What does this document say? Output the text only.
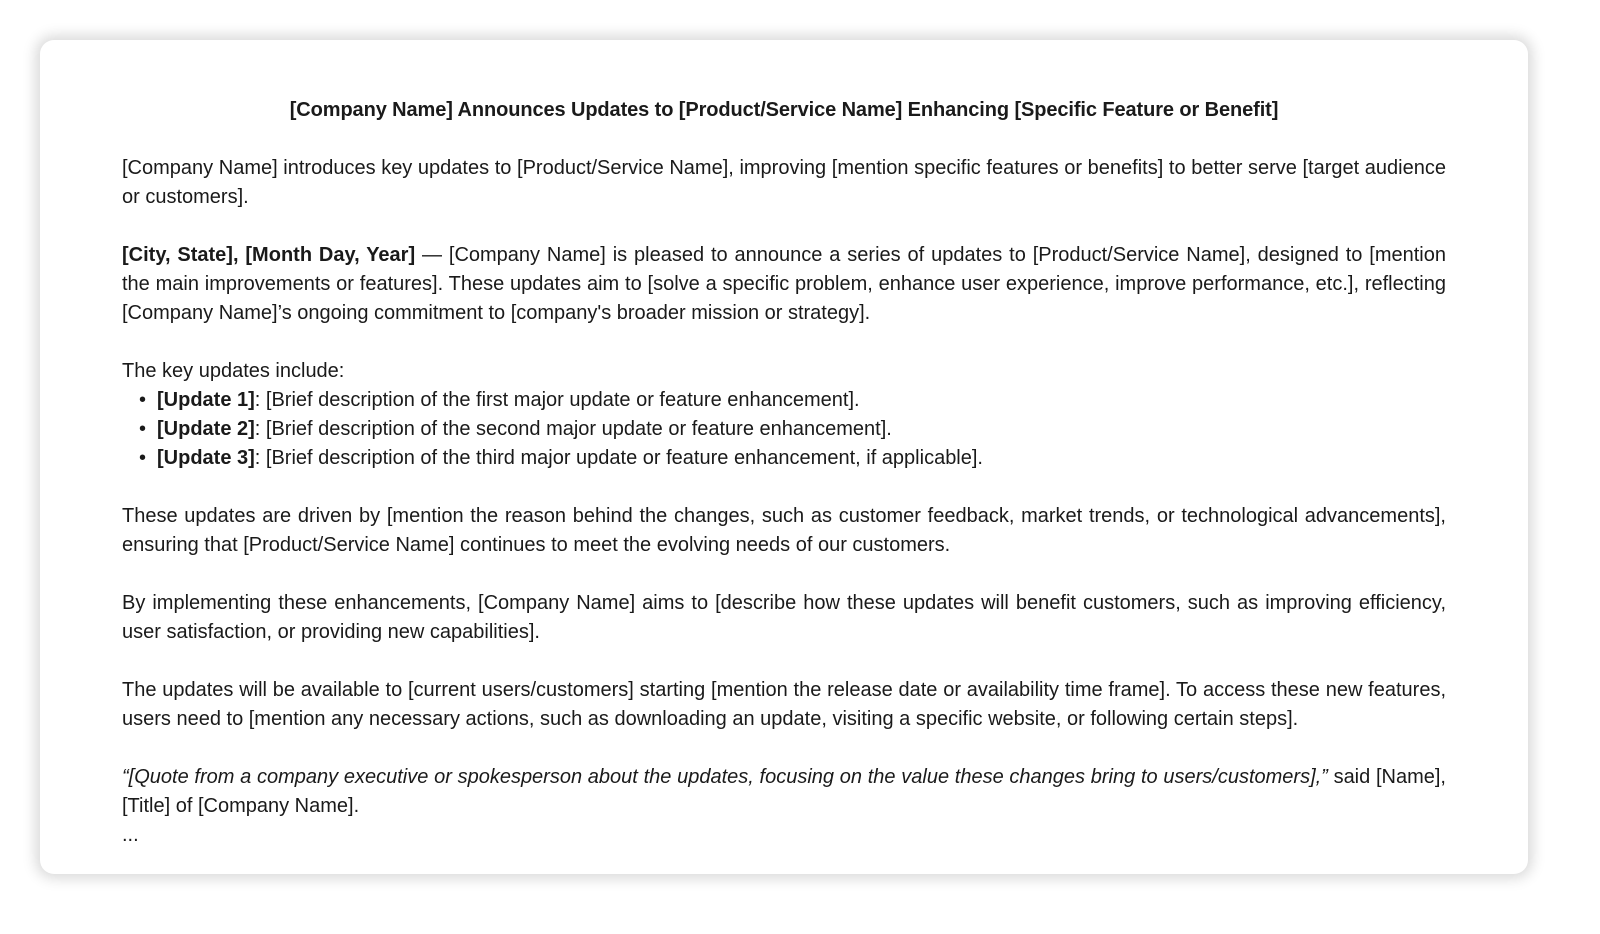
[Company Name] Announces Updates to [Product/Service Name] Enhancing [Specific Feature or Benefit]

[Company Name] introduces key updates to [Product/Service Name], improving [mention specific features or benefits] to better serve [target audience or customers].

[City, State], [Month Day, Year] — [Company Name] is pleased to announce a series of updates to [Product/Service Name], designed to [mention the main improvements or features]. These updates aim to [solve a specific problem, enhance user experience, improve performance, etc.], reflecting [Company Name]’s ongoing commitment to [company's broader mission or strategy].

The key updates include:

• [Update 1]: [Brief description of the first major update or feature enhancement].
• [Update 2]: [Brief description of the second major update or feature enhancement].
• [Update 3]: [Brief description of the third major update or feature enhancement, if applicable].

These updates are driven by [mention the reason behind the changes, such as customer feedback, market trends, or technological advancements], ensuring that [Product/Service Name] continues to meet the evolving needs of our customers.

By implementing these enhancements, [Company Name] aims to [describe how these updates will benefit customers, such as improving efficiency, user satisfaction, or providing new capabilities].

The updates will be available to [current users/customers] starting [mention the release date or availability time frame]. To access these new features, users need to [mention any necessary actions, such as downloading an update, visiting a specific website, or following certain steps].

“[Quote from a company executive or spokesperson about the updates, focusing on the value these changes bring to users/customers],” said [Name], [Title] of [Company Name].

...
